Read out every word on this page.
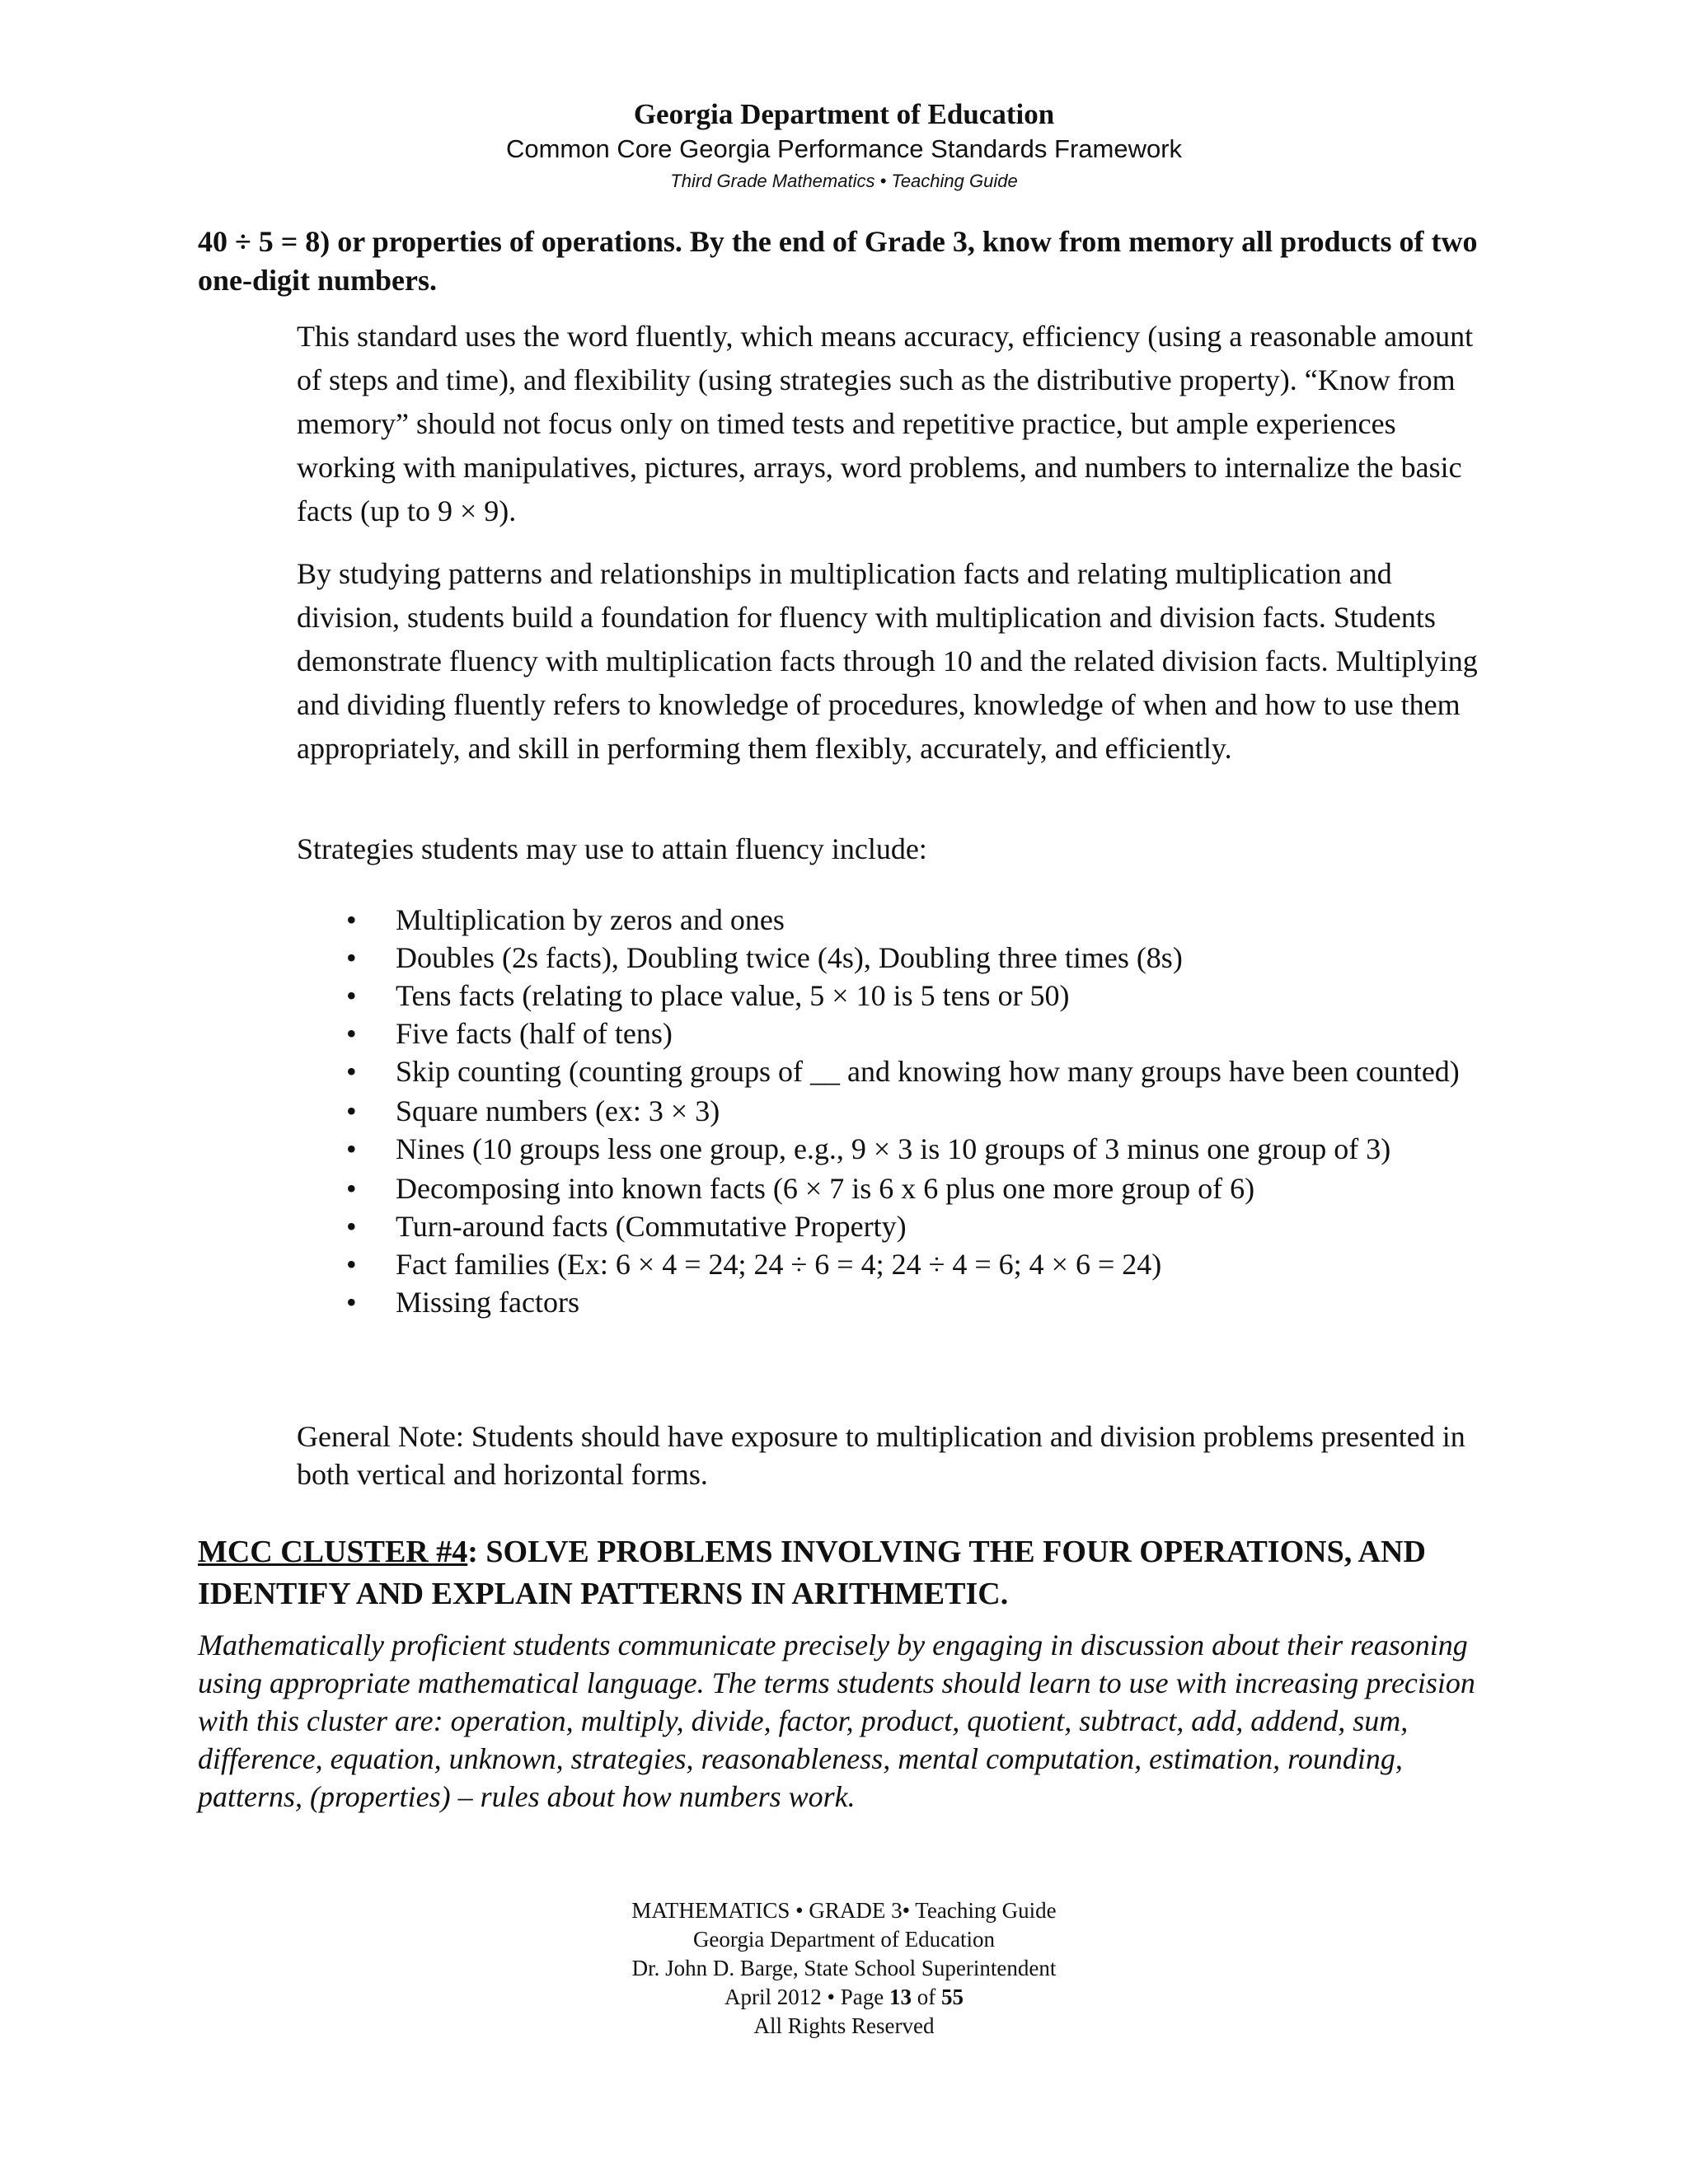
Georgia Department of Education
Common Core Georgia Performance Standards Framework
Third Grade Mathematics • Teaching Guide
40 ÷ 5 = 8) or properties of operations. By the end of Grade 3, know from memory all products of two one-digit numbers.
This standard uses the word fluently, which means accuracy, efficiency (using a reasonable amount of steps and time), and flexibility (using strategies such as the distributive property). “Know from memory” should not focus only on timed tests and repetitive practice, but ample experiences working with manipulatives, pictures, arrays, word problems, and numbers to internalize the basic facts (up to 9 × 9).
By studying patterns and relationships in multiplication facts and relating multiplication and division, students build a foundation for fluency with multiplication and division facts. Students demonstrate fluency with multiplication facts through 10 and the related division facts. Multiplying and dividing fluently refers to knowledge of procedures, knowledge of when and how to use them appropriately, and skill in performing them flexibly, accurately, and efficiently.
Strategies students may use to attain fluency include:
• Multiplication by zeros and ones
• Doubles (2s facts), Doubling twice (4s), Doubling three times (8s)
• Tens facts (relating to place value, 5 × 10 is 5 tens or 50)
• Five facts (half of tens)
• Skip counting (counting groups of __ and knowing how many groups have been counted)
• Square numbers (ex: 3 × 3)
• Nines (10 groups less one group, e.g., 9 × 3 is 10 groups of 3 minus one group of 3)
• Decomposing into known facts (6 × 7 is 6 x 6 plus one more group of 6)
• Turn-around facts (Commutative Property)
• Fact families (Ex: 6 × 4 = 24; 24 ÷ 6 = 4; 24 ÷ 4 = 6; 4 × 6 = 24)
• Missing factors
General Note: Students should have exposure to multiplication and division problems presented in both vertical and horizontal forms.
MCC CLUSTER #4: SOLVE PROBLEMS INVOLVING THE FOUR OPERATIONS, AND IDENTIFY AND EXPLAIN PATTERNS IN ARITHMETIC.
Mathematically proficient students communicate precisely by engaging in discussion about their reasoning using appropriate mathematical language. The terms students should learn to use with increasing precision with this cluster are: operation, multiply, divide, factor, product, quotient, subtract, add, addend, sum, difference, equation, unknown, strategies, reasonableness, mental computation, estimation, rounding, patterns, (properties) – rules about how numbers work.
MATHEMATICS • GRADE 3• Teaching Guide
Georgia Department of Education
Dr. John D. Barge, State School Superintendent
April 2012 • Page 13 of 55
All Rights Reserved
